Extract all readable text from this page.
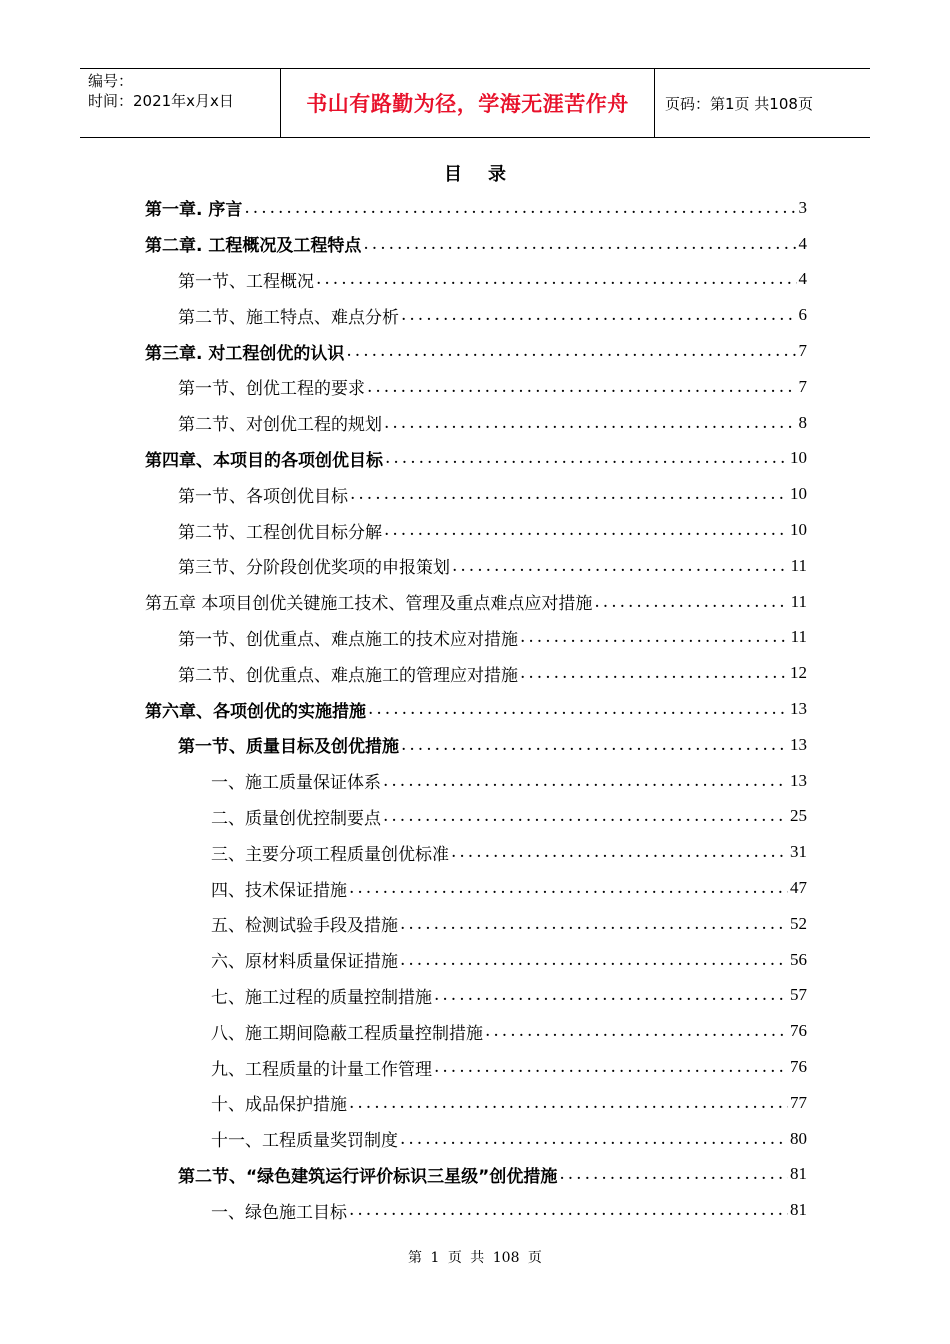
编号：
时间：2021年x月x日	书山有路勤为径，学海无涯苦作舟	页码：第1页 共108页
目录
第一章. 序言 .....	3
第二章. 工程概况及工程特点 .....	4
第一节、工程概况 .....	4
第二节、施工特点、难点分析 .....	6
第三章. 对工程创优的认识 .....	7
第一节、创优工程的要求 .....	7
第二节、对创优工程的规划 .....	8
第四章、本项目的各项创优目标 .....	10
第一节、各项创优目标 .....	10
第二节、工程创优目标分解 .....	10
第三节、分阶段创优奖项的申报策划 .....	11
第五章 本项目创优关键施工技术、管理及重点难点应对措施 .....	11
第一节、创优重点、难点施工的技术应对措施 .....	11
第二节、创优重点、难点施工的管理应对措施 .....	12
第六章、各项创优的实施措施 .....	13
第一节、质量目标及创优措施 .....	13
一、施工质量保证体系 .....	13
二、质量创优控制要点 .....	25
三、主要分项工程质量创优标准 .....	31
四、技术保证措施 .....	47
五、检测试验手段及措施 .....	52
六、原材料质量保证措施 .....	56
七、施工过程的质量控制措施 .....	57
八、施工期间隐蔽工程质量控制措施 .....	76
九、工程质量的计量工作管理 .....	76
十、成品保护措施 .....	77
十一、工程质量奖罚制度 .....	80
第二节、“绿色建筑运行评价标识三星级”创优措施 .....	81
一、绿色施工目标 .....	81
第 1 页 共 108 页
